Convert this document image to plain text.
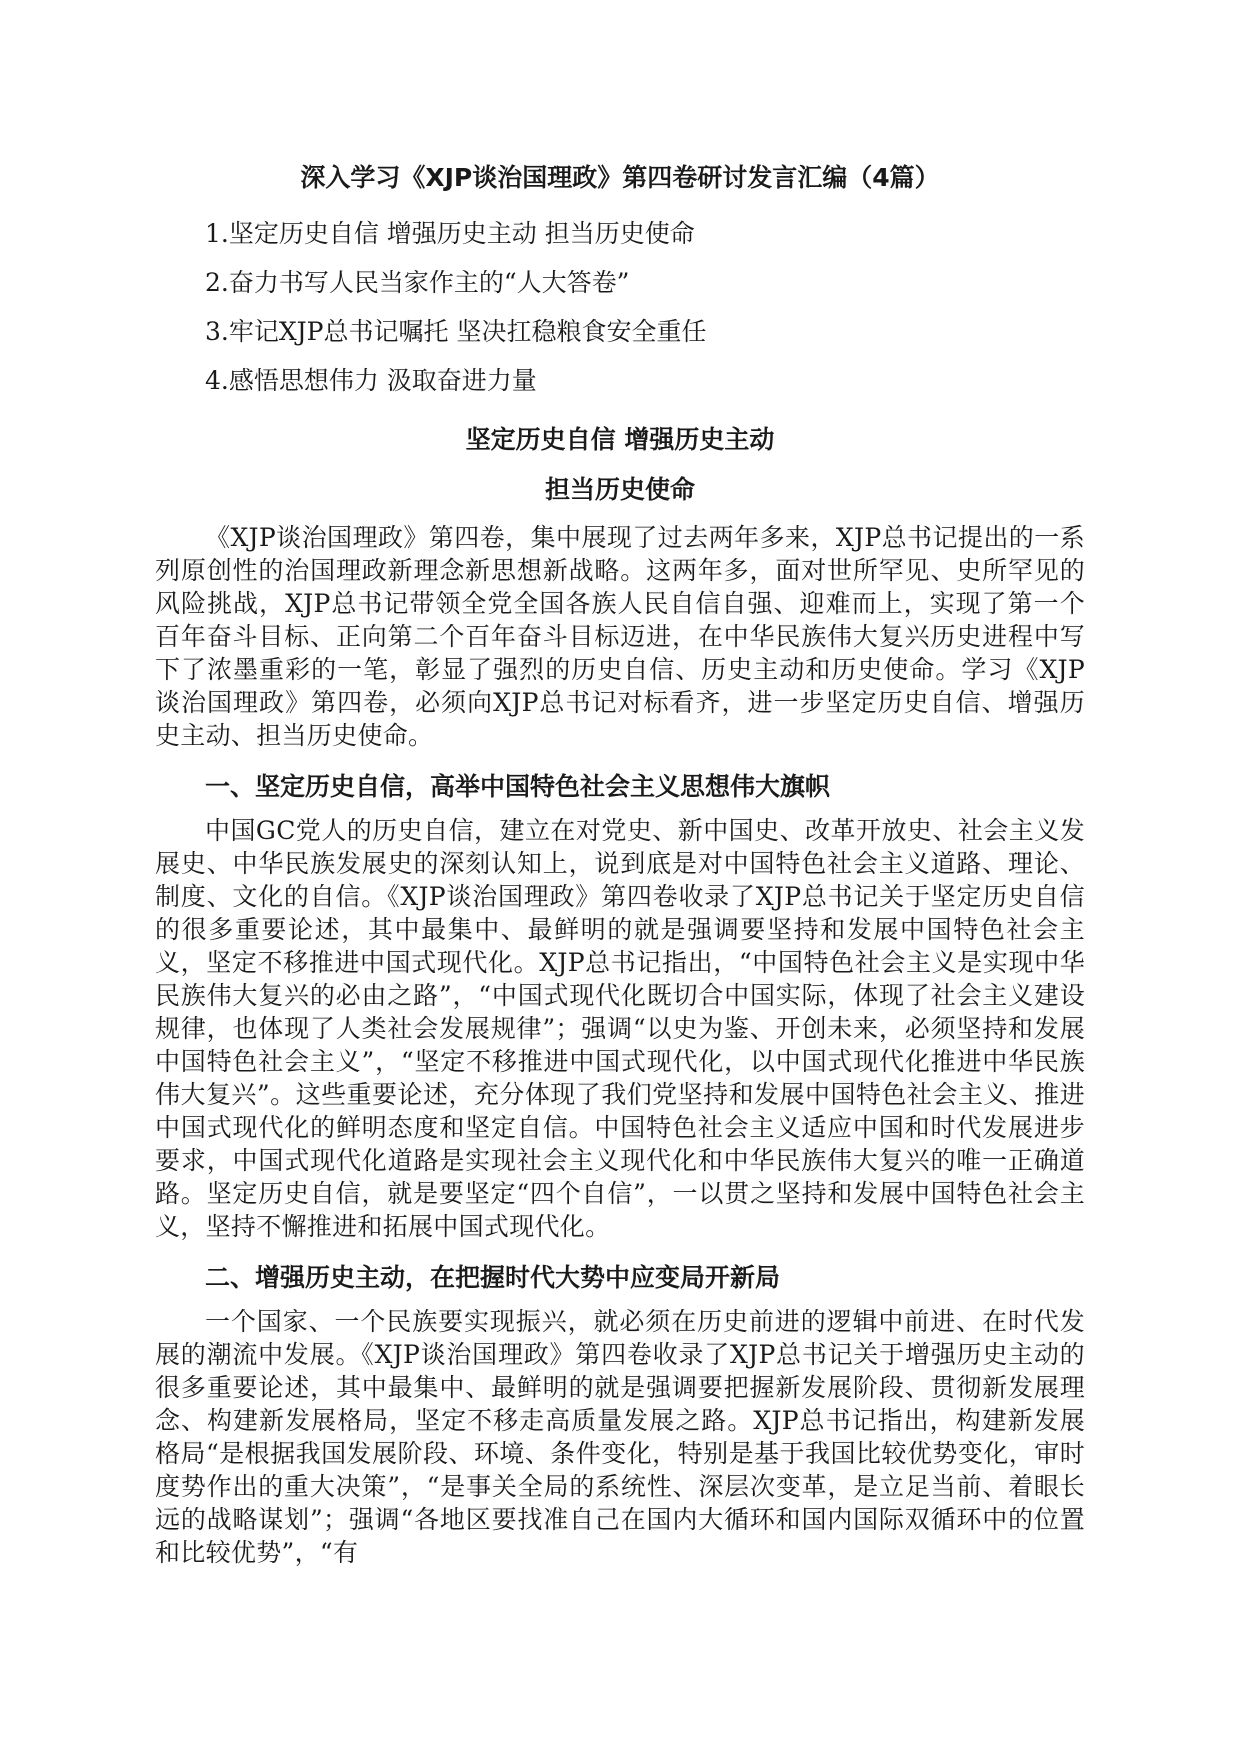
深入学习《XJP谈治国理政》第四卷研讨发言汇编（4篇）
1.坚定历史自信 增强历史主动 担当历史使命
2.奋力书写人民当家作主的“人大答卷”
3.牢记XJP总书记嘱托 坚决扛稳粮食安全重任
4.感悟思想伟力 汲取奋进力量
坚定历史自信 增强历史主动
担当历史使命

《XJP谈治国理政》第四卷，集中展现了过去两年多来，XJP总书记提出的一系列原创性的治国理政新理念新思想新战略。这两年多，面对世所罕见、史所罕见的风险挑战，XJP总书记带领全党全国各族人民自信自强、迎难而上，实现了第一个百年奋斗目标、正向第二个百年奋斗目标迈进，在中华民族伟大复兴历史进程中写下了浓墨重彩的一笔，彰显了强烈的历史自信、历史主动和历史使命。学习《XJP谈治国理政》第四卷，必须向XJP总书记对标看齐，进一步坚定历史自信、增强历史主动、担当历史使命。

一、坚定历史自信，高举中国特色社会主义思想伟大旗帜

中国GC党人的历史自信，建立在对党史、新中国史、改革开放史、社会主义发展史、中华民族发展史的深刻认知上，说到底是对中国特色社会主义道路、理论、制度、文化的自信。《XJP谈治国理政》第四卷收录了XJP总书记关于坚定历史自信的很多重要论述，其中最集中、最鲜明的就是强调要坚持和发展中国特色社会主义，坚定不移推进中国式现代化。XJP总书记指出，“中国特色社会主义是实现中华民族伟大复兴的必由之路”，“中国式现代化既切合中国实际，体现了社会主义建设规律，也体现了人类社会发展规律”；强调“以史为鉴、开创未来，必须坚持和发展中国特色社会主义”，“坚定不移推进中国式现代化，以中国式现代化推进中华民族伟大复兴”。这些重要论述，充分体现了我们党坚持和发展中国特色社会主义、推进中国式现代化的鲜明态度和坚定自信。中国特色社会主义适应中国和时代发展进步要求，中国式现代化道路是实现社会主义现代化和中华民族伟大复兴的唯一正确道路。坚定历史自信，就是要坚定“四个自信”，一以贯之坚持和发展中国特色社会主义，坚持不懈推进和拓展中国式现代化。

二、增强历史主动，在把握时代大势中应变局开新局

一个国家、一个民族要实现振兴，就必须在历史前进的逻辑中前进、在时代发展的潮流中发展。《XJP谈治国理政》第四卷收录了XJP总书记关于增强历史主动的很多重要论述，其中最集中、最鲜明的就是强调要把握新发展阶段、贯彻新发展理念、构建新发展格局，坚定不移走高质量发展之路。XJP总书记指出，构建新发展格局“是根据我国发展阶段、环境、条件变化，特别是基于我国比较优势变化，审时度势作出的重大决策”，“是事关全局的系统性、深层次变革，是立足当前、着眼长远的战略谋划”；强调“各地区要找准自己在国内大循环和国内国际双循环中的位置和比较优势”，“有
